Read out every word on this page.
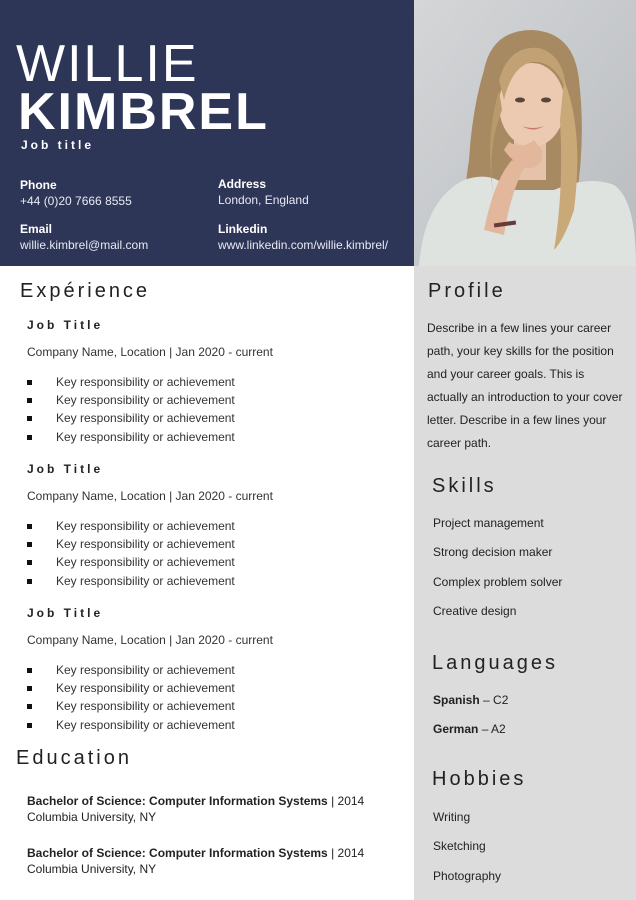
WILLIE
KIMBREL
Job title
Phone
+44 (0)20 7666 8555
Address
London, England
Email
willie.kimbrel@mail.com
Linkedin
www.linkedin.com/willie.kimbrel/
Expérience
Job Title
Company Name, Location | Jan 2020 - current
Key responsibility or achievement
Key responsibility or achievement
Key responsibility or achievement
Key responsibility or achievement
Job Title
Company Name, Location | Jan 2020 - current
Key responsibility or achievement
Key responsibility or achievement
Key responsibility or achievement
Key responsibility or achievement
Job Title
Company Name, Location | Jan 2020 - current
Key responsibility or achievement
Key responsibility or achievement
Key responsibility or achievement
Key responsibility or achievement
Education
Bachelor of Science: Computer Information Systems | 2014
Columbia University, NY
Bachelor of Science: Computer Information Systems | 2014
Columbia University, NY
Profile
Describe in a few lines your career path, your key skills for the position and your career goals. This is actually an introduction to your cover letter. Describe in a few lines your career path.
Skills
Project management
Strong decision maker
Complex problem solver
Creative design
Languages
Spanish – C2
German – A2
Hobbies
Writing
Sketching
Photography
